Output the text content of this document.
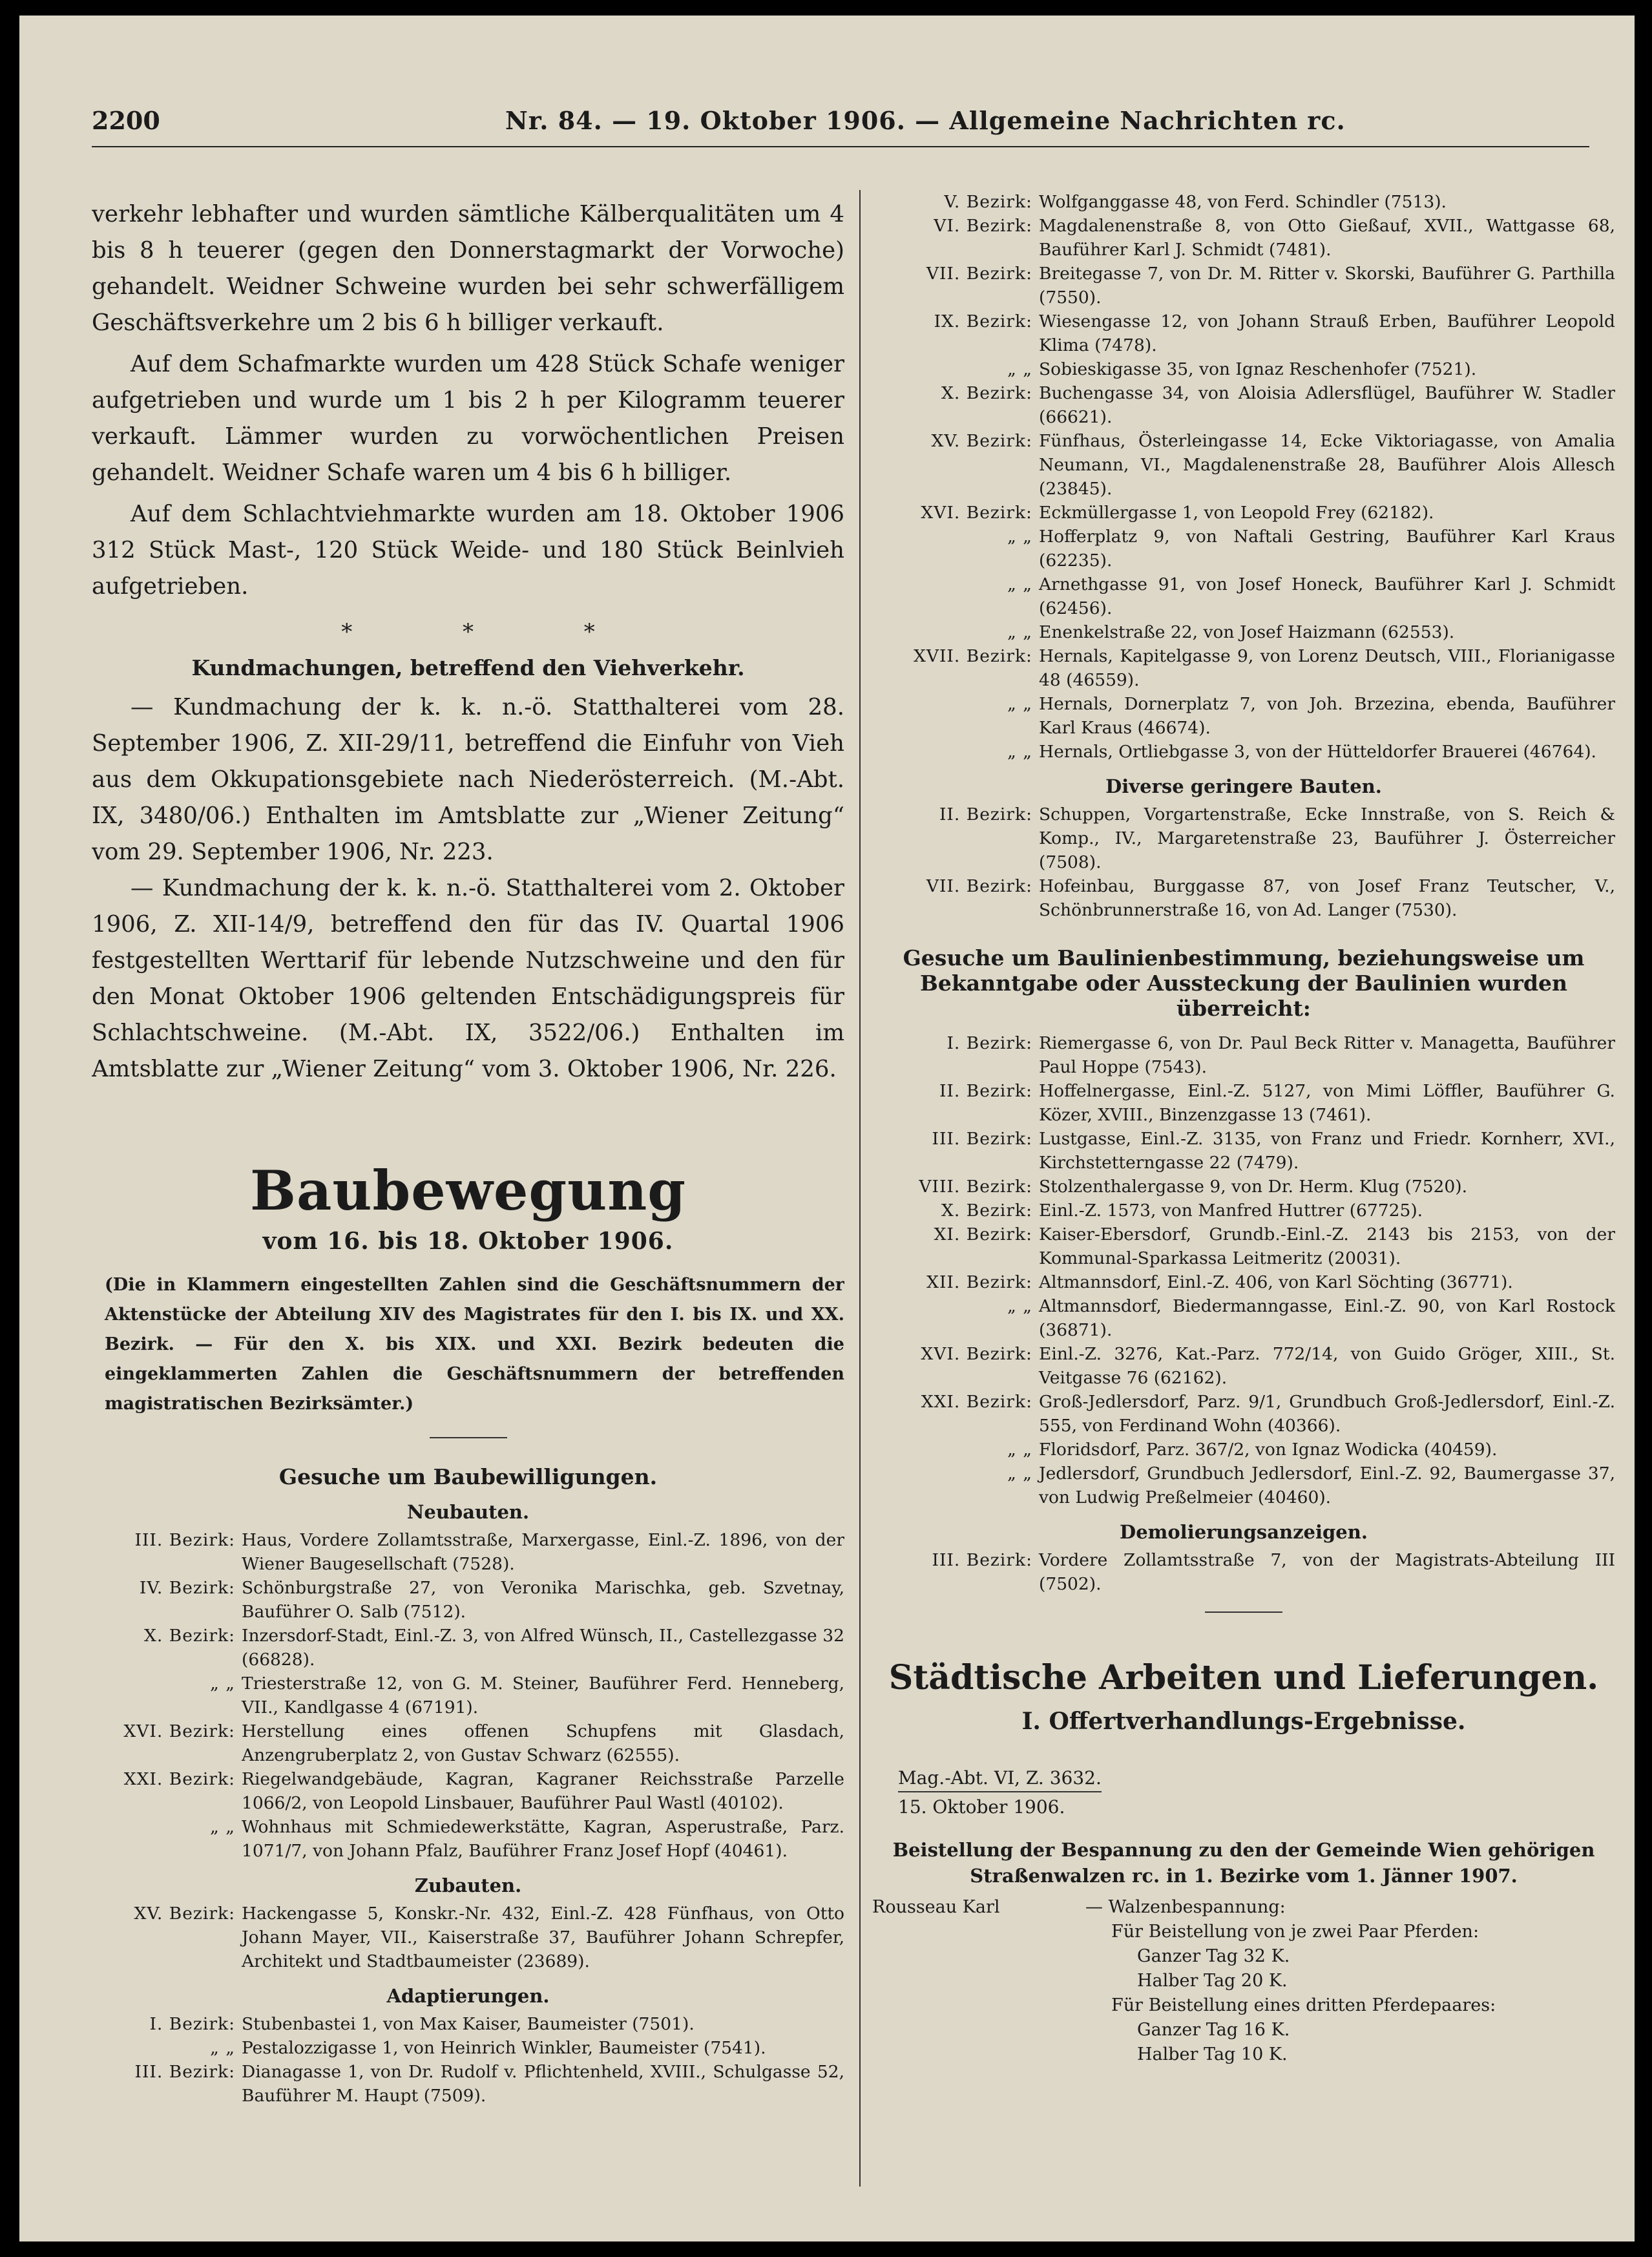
2200	Nr. 84. — 19. Oktober 1906. — Allgemeine Nachrichten rc.

verkehr lebhafter und wurden sämtliche Kälberqualitäten um 4 bis 8 h teuerer (gegen den Donnerstagmarkt der Vorwoche) gehandelt. Weidner Schweine wurden bei sehr schwerfälligem Geschäftsverkehre um 2 bis 6 h billiger verkauft.

Auf dem Schafmarkte wurden um 428 Stück Schafe weniger aufgetrieben und wurde um 1 bis 2 h per Kilogramm teuerer verkauft. Lämmer wurden zu vorwöchentlichen Preisen gehandelt. Weidner Schafe waren um 4 bis 6 h billiger.

Auf dem Schlachtviehmarkte wurden am 18. Oktober 1906 312 Stück Mast-, 120 Stück Weide- und 180 Stück Beinlvieh aufgetrieben.

* * *
Kundmachungen, betreffend den Viehverkehr.

— Kundmachung der k. k. n.-ö. Statthalterei vom 28. September 1906, Z. XII-29/11, betreffend die Einfuhr von Vieh aus dem Okkupationsgebiete nach Niederösterreich. (M.-Abt. IX, 3480/06.) Enthalten im Amtsblatte zur „Wiener Zeitung“ vom 29. September 1906, Nr. 223.

— Kundmachung der k. k. n.-ö. Statthalterei vom 2. Oktober 1906, Z. XII-14/9, betreffend den für das IV. Quartal 1906 festgestellten Werttarif für lebende Nutzschweine und den für den Monat Oktober 1906 geltenden Entschädigungspreis für Schlachtschweine. (M.-Abt. IX, 3522/06.) Enthalten im Amtsblatte zur „Wiener Zeitung“ vom 3. Oktober 1906, Nr. 226.

Baubewegung
vom 16. bis 18. Oktober 1906.

(Die in Klammern eingestellten Zahlen sind die Geschäftsnummern der Aktenstücke der Abteilung XIV des Magistrates für den I. bis IX. und XX. Bezirk. — Für den X. bis XIX. und XXI. Bezirk bedeuten die eingeklammerten Zahlen die Geschäftsnummern der betreffenden magistratischen Bezirksämter.)

Gesuche um Baubewilligungen.
Neubauten.
III. Bezirk: Haus, Vordere Zollamtsstraße, Marxergasse, Einl.-Z. 1896, von der Wiener Baugesellschaft (7528).
IV. Bezirk: Schönburgstraße 27, von Veronika Marischka, geb. Szvetnay, Bauführer O. Salb (7512).
X. Bezirk: Inzersdorf-Stadt, Einl.-Z. 3, von Alfred Wünsch, II., Castellezgasse 32 (66828).
„ „ Triesterstraße 12, von G. M. Steiner, Bauführer Ferd. Henneberg, VII., Kandlgasse 4 (67191).
XVI. Bezirk: Herstellung eines offenen Schupfens mit Glasdach, Anzengruberplatz 2, von Gustav Schwarz (62555).
XXI. Bezirk: Riegelwandgebäude, Kagran, Kagraner Reichsstraße Parzelle 1066/2, von Leopold Linsbauer, Bauführer Paul Wastl (40102).
„ „ Wohnhaus mit Schmiedewerkstätte, Kagran, Asperustraße, Parz. 1071/7, von Johann Pfalz, Bauführer Franz Josef Hopf (40461).
Zubauten.
XV. Bezirk: Hackengasse 5, Konskr.-Nr. 432, Einl.-Z. 428 Fünfhaus, von Otto Johann Mayer, VII., Kaiserstraße 37, Bauführer Johann Schrepfer, Architekt und Stadtbaumeister (23689).
Adaptierungen.
I. Bezirk: Stubenbastei 1, von Max Kaiser, Baumeister (7501).
„ „ Pestalozzigasse 1, von Heinrich Winkler, Baumeister (7541).
III. Bezirk: Dianagasse 1, von Dr. Rudolf v. Pflichtenheld, XVIII., Schulgasse 52, Bauführer M. Haupt (7509).
V. Bezirk: Wolfganggasse 48, von Ferd. Schindler (7513).
VI. Bezirk: Magdalenenstraße 8, von Otto Gießauf, XVII., Wattgasse 68, Bauführer Karl J. Schmidt (7481).
VII. Bezirk: Breitegasse 7, von Dr. M. Ritter v. Skorski, Bauführer G. Parthilla (7550).
IX. Bezirk: Wiesengasse 12, von Johann Strauß Erben, Bauführer Leopold Klima (7478).
„ „ Sobieskigasse 35, von Ignaz Reschenhofer (7521).
X. Bezirk: Buchengasse 34, von Aloisia Adlersflügel, Bauführer W. Stadler (66621).
XV. Bezirk: Fünfhaus, Österleingasse 14, Ecke Viktoriagasse, von Amalia Neumann, VI., Magdalenenstraße 28, Bauführer Alois Allesch (23845).
XVI. Bezirk: Eckmüllergasse 1, von Leopold Frey (62182).
„ „ Hofferplatz 9, von Naftali Gestring, Bauführer Karl Kraus (62235).
„ „ Arnethgasse 91, von Josef Honeck, Bauführer Karl J. Schmidt (62456).
„ „ Enenkelstraße 22, von Josef Haizmann (62553).
XVII. Bezirk: Hernals, Kapitelgasse 9, von Lorenz Deutsch, VIII., Florianigasse 48 (46559).
„ „ Hernals, Dornerplatz 7, von Joh. Brzezina, ebenda, Bauführer Karl Kraus (46674).
„ „ Hernals, Ortliebgasse 3, von der Hütteldorfer Brauerei (46764).
Diverse geringere Bauten.
II. Bezirk: Schuppen, Vorgartenstraße, Ecke Innstraße, von S. Reich & Komp., IV., Margaretenstraße 23, Bauführer J. Österreicher (7508).
VII. Bezirk: Hofeinbau, Burggasse 87, von Josef Franz Teutscher, V., Schönbrunnerstraße 16, von Ad. Langer (7530).
Gesuche um Baulinienbestimmung, beziehungsweise um Bekanntgabe oder Aussteckung der Baulinien wurden überreicht:
I. Bezirk: Riemergasse 6, von Dr. Paul Beck Ritter v. Managetta, Bauführer Paul Hoppe (7543).
II. Bezirk: Hoffelnergasse, Einl.-Z. 5127, von Mimi Löffler, Bauführer G. Közer, XVIII., Binzenzgasse 13 (7461).
III. Bezirk: Lustgasse, Einl.-Z. 3135, von Franz und Friedr. Kornherr, XVI., Kirchstetterngasse 22 (7479).
VIII. Bezirk: Stolzenthalergasse 9, von Dr. Herm. Klug (7520).
X. Bezirk: Einl.-Z. 1573, von Manfred Huttrer (67725).
XI. Bezirk: Kaiser-Ebersdorf, Grundb.-Einl.-Z. 2143 bis 2153, von der Kommunal-Sparkassa Leitmeritz (20031).
XII. Bezirk: Altmannsdorf, Einl.-Z. 406, von Karl Söchting (36771).
„ „ Altmannsdorf, Biedermanngasse, Einl.-Z. 90, von Karl Rostock (36871).
XVI. Bezirk: Einl.-Z. 3276, Kat.-Parz. 772/14, von Guido Gröger, XIII., St. Veitgasse 76 (62162).
XXI. Bezirk: Groß-Jedlersdorf, Parz. 9/1, Grundbuch Groß-Jedlersdorf, Einl.-Z. 555, von Ferdinand Wohn (40366).
„ „ Floridsdorf, Parz. 367/2, von Ignaz Wodicka (40459).
„ „ Jedlersdorf, Grundbuch Jedlersdorf, Einl.-Z. 92, Baumergasse 37, von Ludwig Preßelmeier (40460).
Demolierungsanzeigen.
III. Bezirk: Vordere Zollamtsstraße 7, von der Magistrats-Abteilung III (7502).
Städtische Arbeiten und Lieferungen.
I. Offertverhandlungs-Ergebnisse.
Mag.-Abt. VI, Z. 3632.
15. Oktober 1906.
Beistellung der Bespannung zu den der Gemeinde Wien gehörigen Straßenwalzen rc. in 1. Bezirke vom 1. Jänner 1907.
Rousseau Karl	— Walzenbespannung:
Für Beistellung von je zwei Paar Pferden:
Ganzer Tag 32 K.
Halber Tag 20 K.
Für Beistellung eines dritten Pferdepaares:
Ganzer Tag 16 K.
Halber Tag 10 K.
